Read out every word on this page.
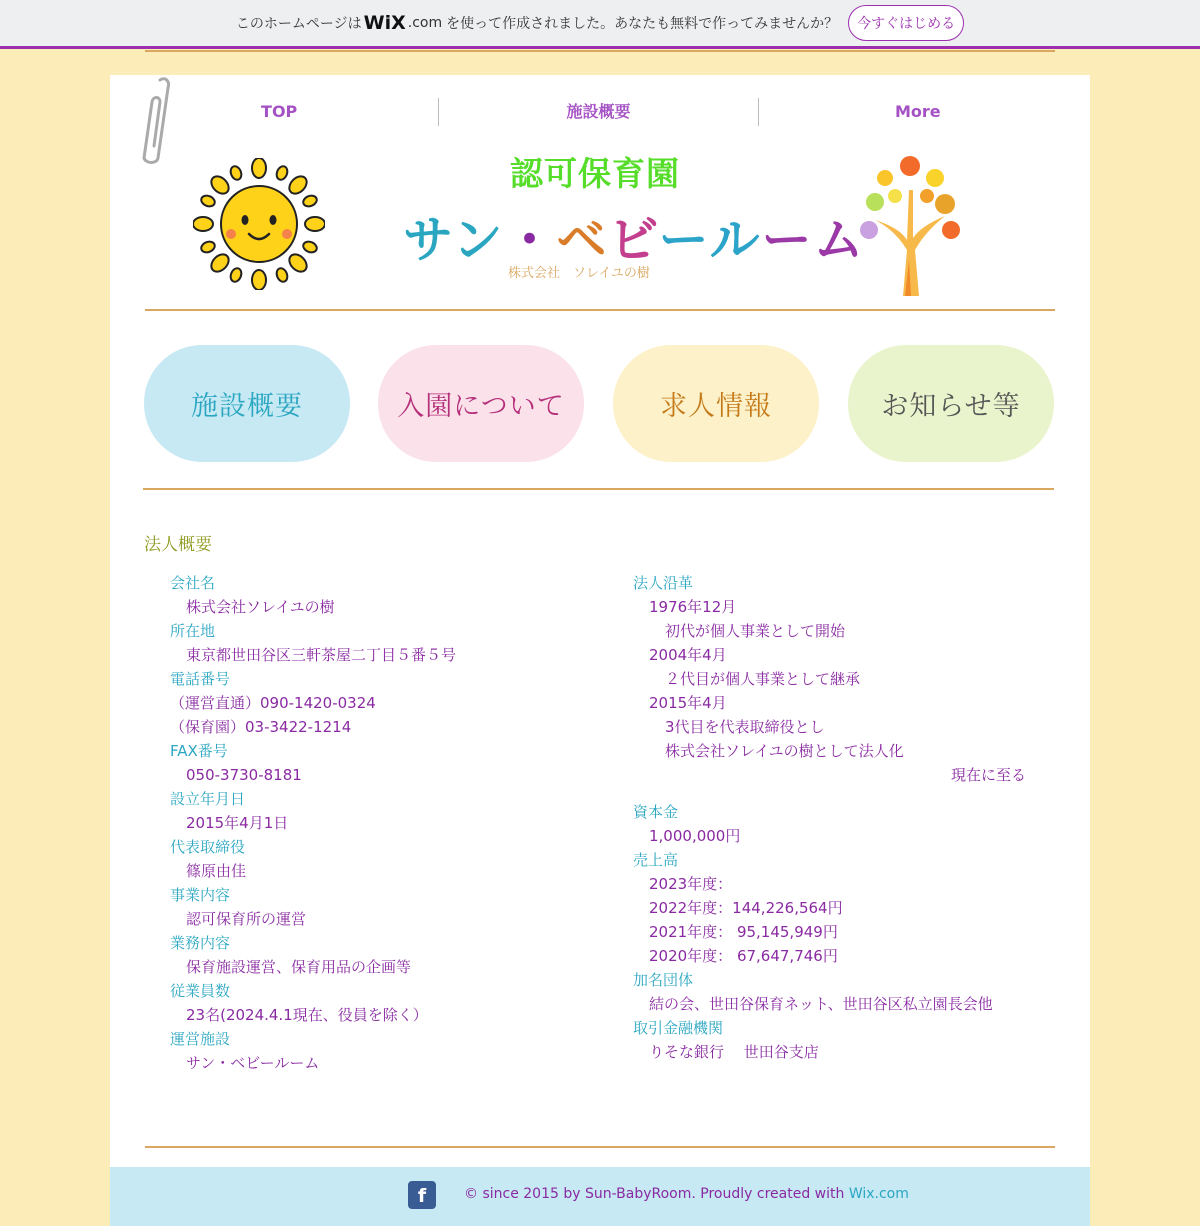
このホームページは WiX .com を使って作成されました。あなたも無料で作ってみませんか？	今すぐはじめる
TOP	施設概要	More
認可保育園
サン・ベビールーム
株式会社　ソレイユの樹
施設概要	入園について	求人情報	お知らせ等
法人概要
会社名
株式会社ソレイユの樹
所在地
東京都世田谷区三軒茶屋二丁目５番５号
電話番号
（運営直通）090-1420-0324
（保育園）03-3422-1214
FAX番号
050-3730-8181
設立年月日
2015年4月1日
代表取締役
篠原由佳
事業内容
認可保育所の運営
業務内容
保育施設運営、保育用品の企画等
従業員数
23名(2024.4.1現在、役員を除く）
運営施設
サン・ベビールーム
法人沿革
1976年12月
初代が個人事業として開始
2004年4月
２代目が個人事業として継承
2015年4月
3代目を代表取締役とし
株式会社ソレイユの樹として法人化
現在に至る
資本金
1,000,000円
売上高
2023年度：
2022年度：144,226,564円
2021年度： 95,145,949円
2020年度： 67,647,746円
加名団体
結の会、世田谷保育ネット、世田谷区私立園長会他
取引金融機関
りそな銀行　 世田谷支店
f	© since 2015 by Sun-BabyRoom. Proudly created with Wix.com
